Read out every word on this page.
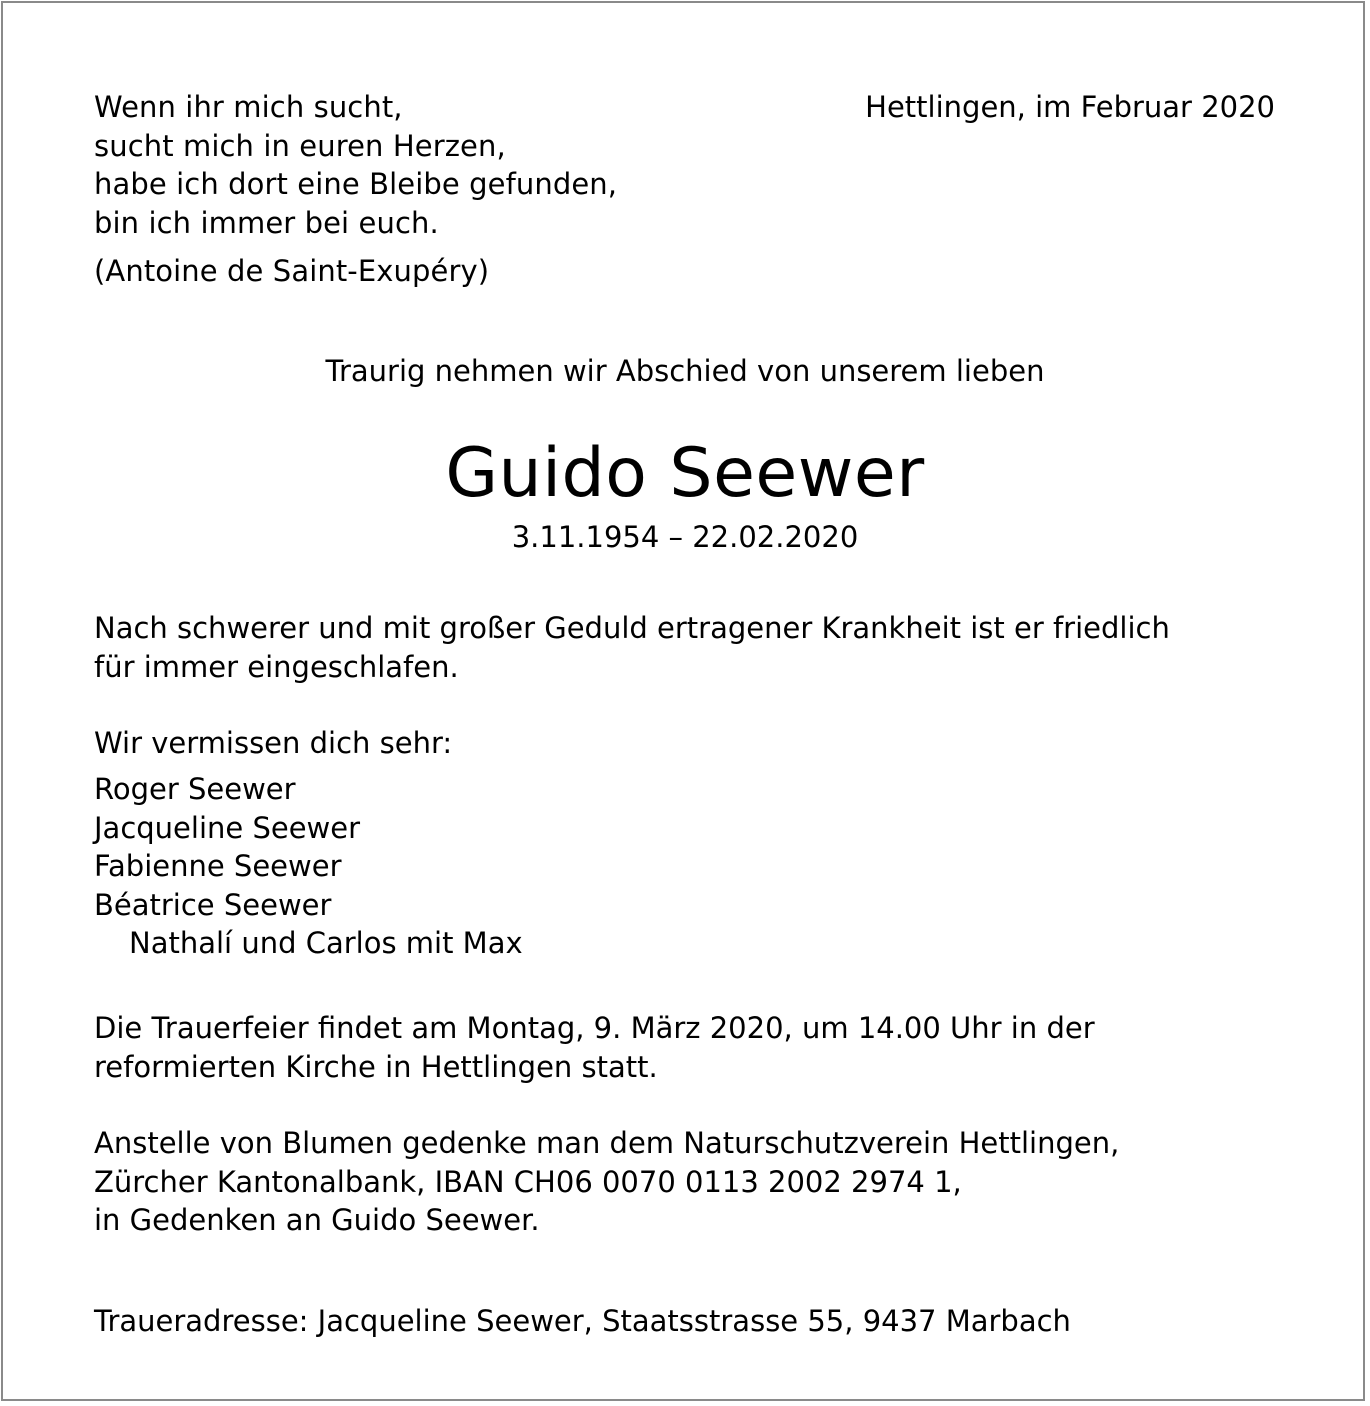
Wenn ihr mich sucht,
sucht mich in euren Herzen,
habe ich dort eine Bleibe gefunden,
bin ich immer bei euch.
(Antoine de Saint-Exupéry)
Hettlingen, im Februar 2020
Traurig nehmen wir Abschied von unserem lieben
Guido Seewer
3.11.1954 – 22.02.2020
Nach schwerer und mit großer Geduld ertragener Krankheit ist er friedlich
für immer eingeschlafen.
Wir vermissen dich sehr:
Roger Seewer
Jacqueline Seewer
Fabienne Seewer
Béatrice Seewer
Nathalí und Carlos mit Max
Die Trauerfeier findet am Montag, 9. März 2020, um 14.00 Uhr in der
reformierten Kirche in Hettlingen statt.
Anstelle von Blumen gedenke man dem Naturschutzverein Hettlingen,
Zürcher Kantonalbank, IBAN CH06 0070 0113 2002 2974 1,
in Gedenken an Guido Seewer.
Traueradresse: Jacqueline Seewer, Staatsstrasse 55, 9437 Marbach
